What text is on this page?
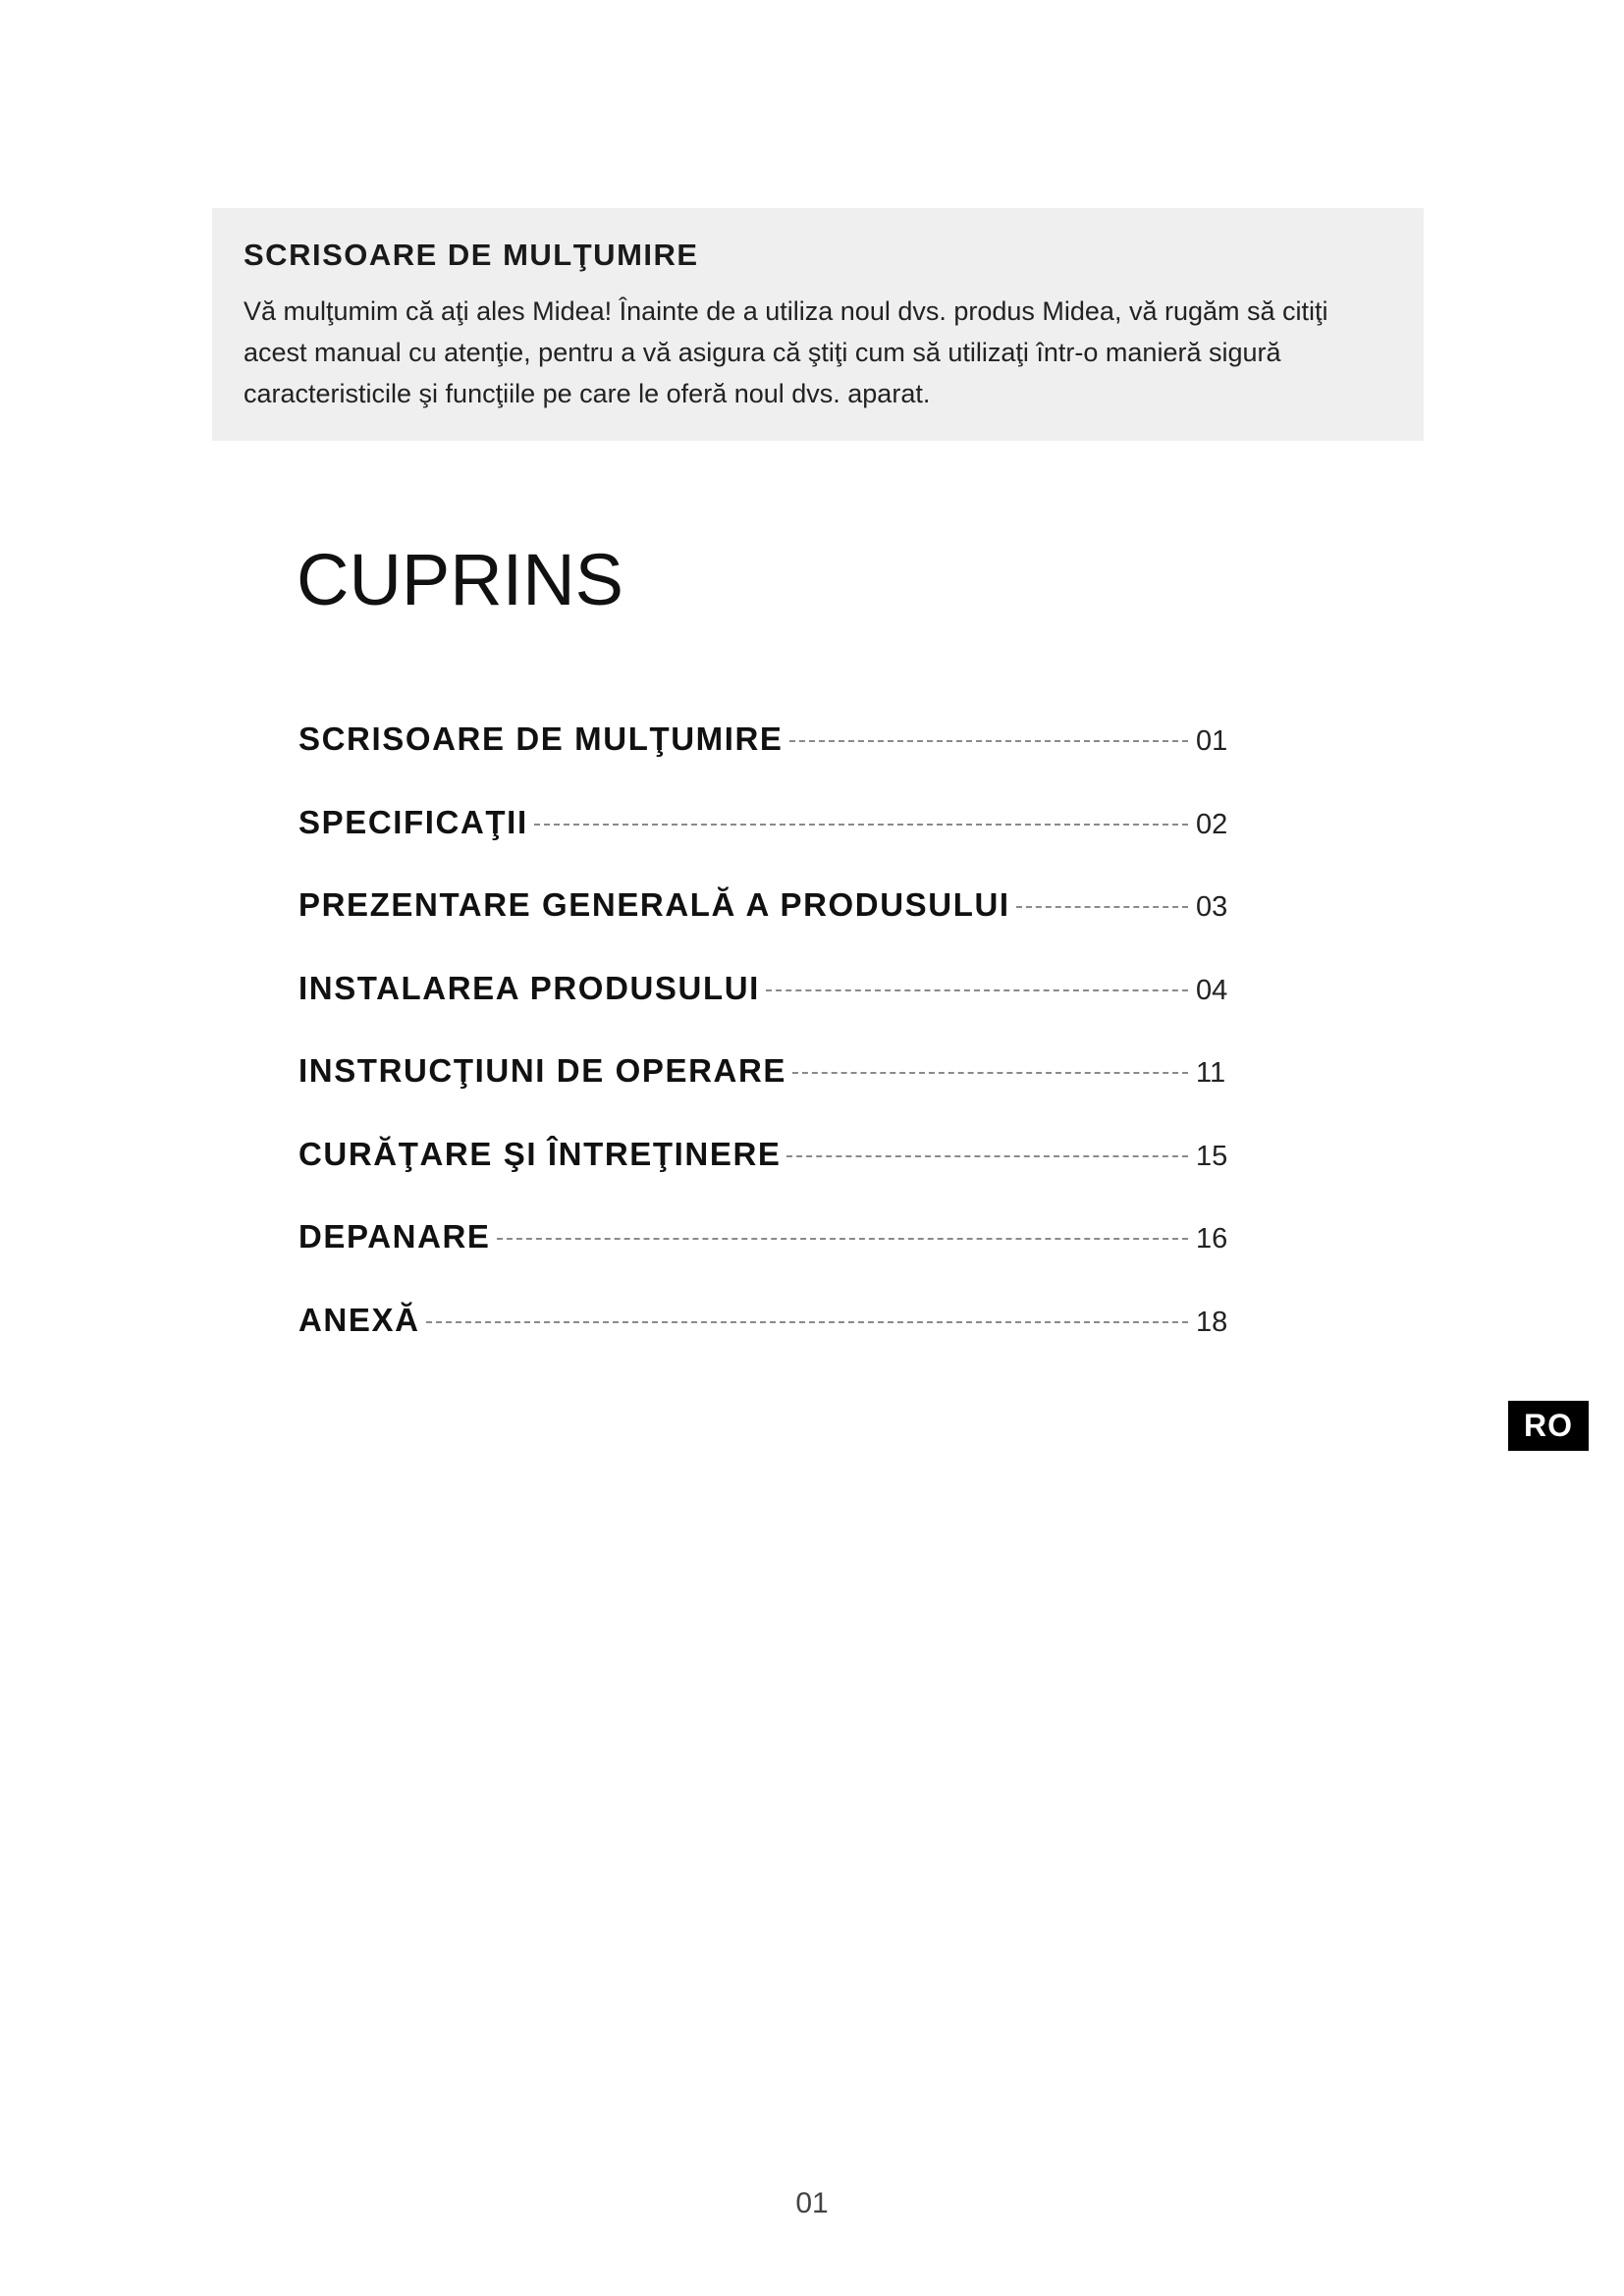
SCRISOARE DE MULŢUMIRE

Vă mulţumim că aţi ales Midea! Înainte de a utiliza noul dvs. produs Midea, vă rugăm să citiţi acest manual cu atenţie, pentru a vă asigura că ştiţi cum să utilizaţi într-o manieră sigură caracteristicile şi funcţiile pe care le oferă noul dvs. aparat.

CUPRINS
SCRISOARE DE MULŢUMIRE	01
SPECIFICAŢII	02
PREZENTARE GENERALĂ A PRODUSULUI	03
INSTALAREA PRODUSULUI	04
INSTRUCŢIUNI DE OPERARE	11
CURĂŢARE ŞI ÎNTREŢINERE	15
DEPANARE	16
ANEXĂ	18
RO
01
